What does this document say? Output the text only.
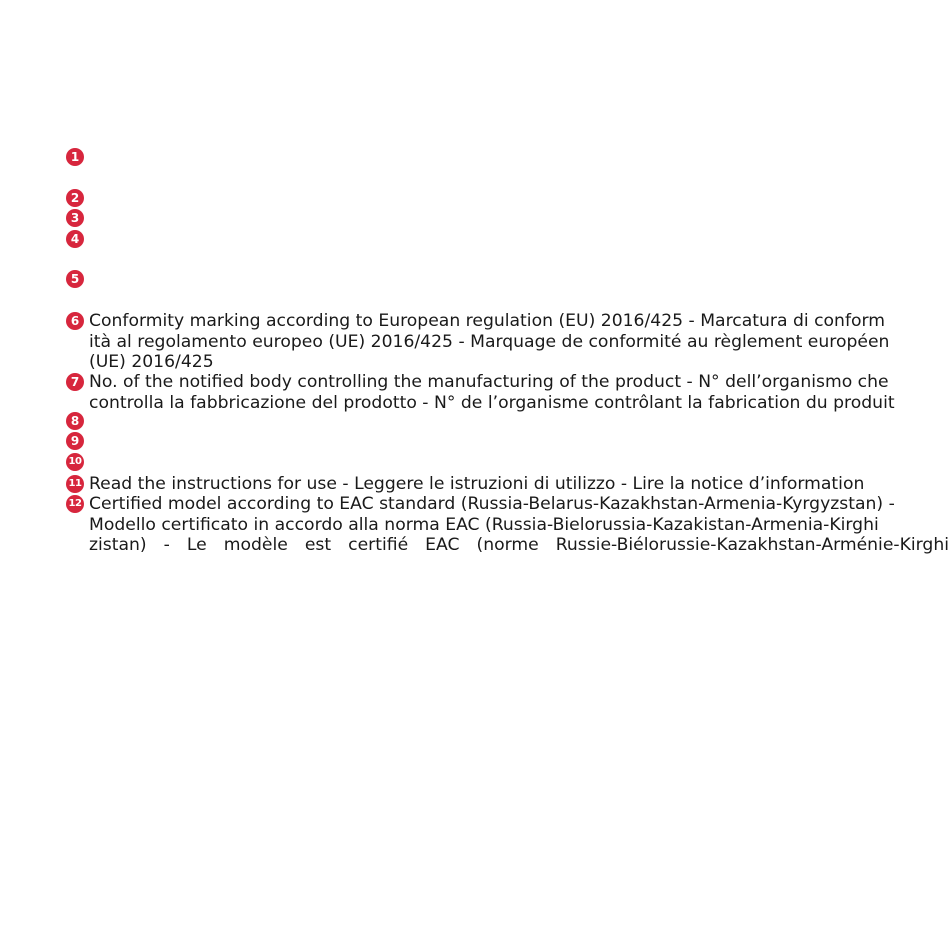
1
2
3
4
5
6 Conformity marking according to European regulation (EU) 2016/425 - Marcatura di conform
ità al regolamento europeo (UE) 2016/425 - Marquage de conformité au règlement européen
(UE) 2016/425
7 No. of the notified body controlling the manufacturing of the product - N° dell’organismo che
controlla la fabbricazione del prodotto - N° de l’organisme contrôlant la fabrication du produit
8
9
10
11 Read the instructions for use - Leggere le istruzioni di utilizzo - Lire la notice d’information
12 Certified model according to EAC standard (Russia-Belarus-Kazakhstan-Armenia-Kyrgyzstan) -
Modello certificato in accordo alla norma EAC (Russia-Bielorussia-Kazakistan-Armenia-Kirghi
zistan) - Le modèle est certifié EAC (norme Russie-Biélorussie-Kazakhstan-Arménie-Kirghi
